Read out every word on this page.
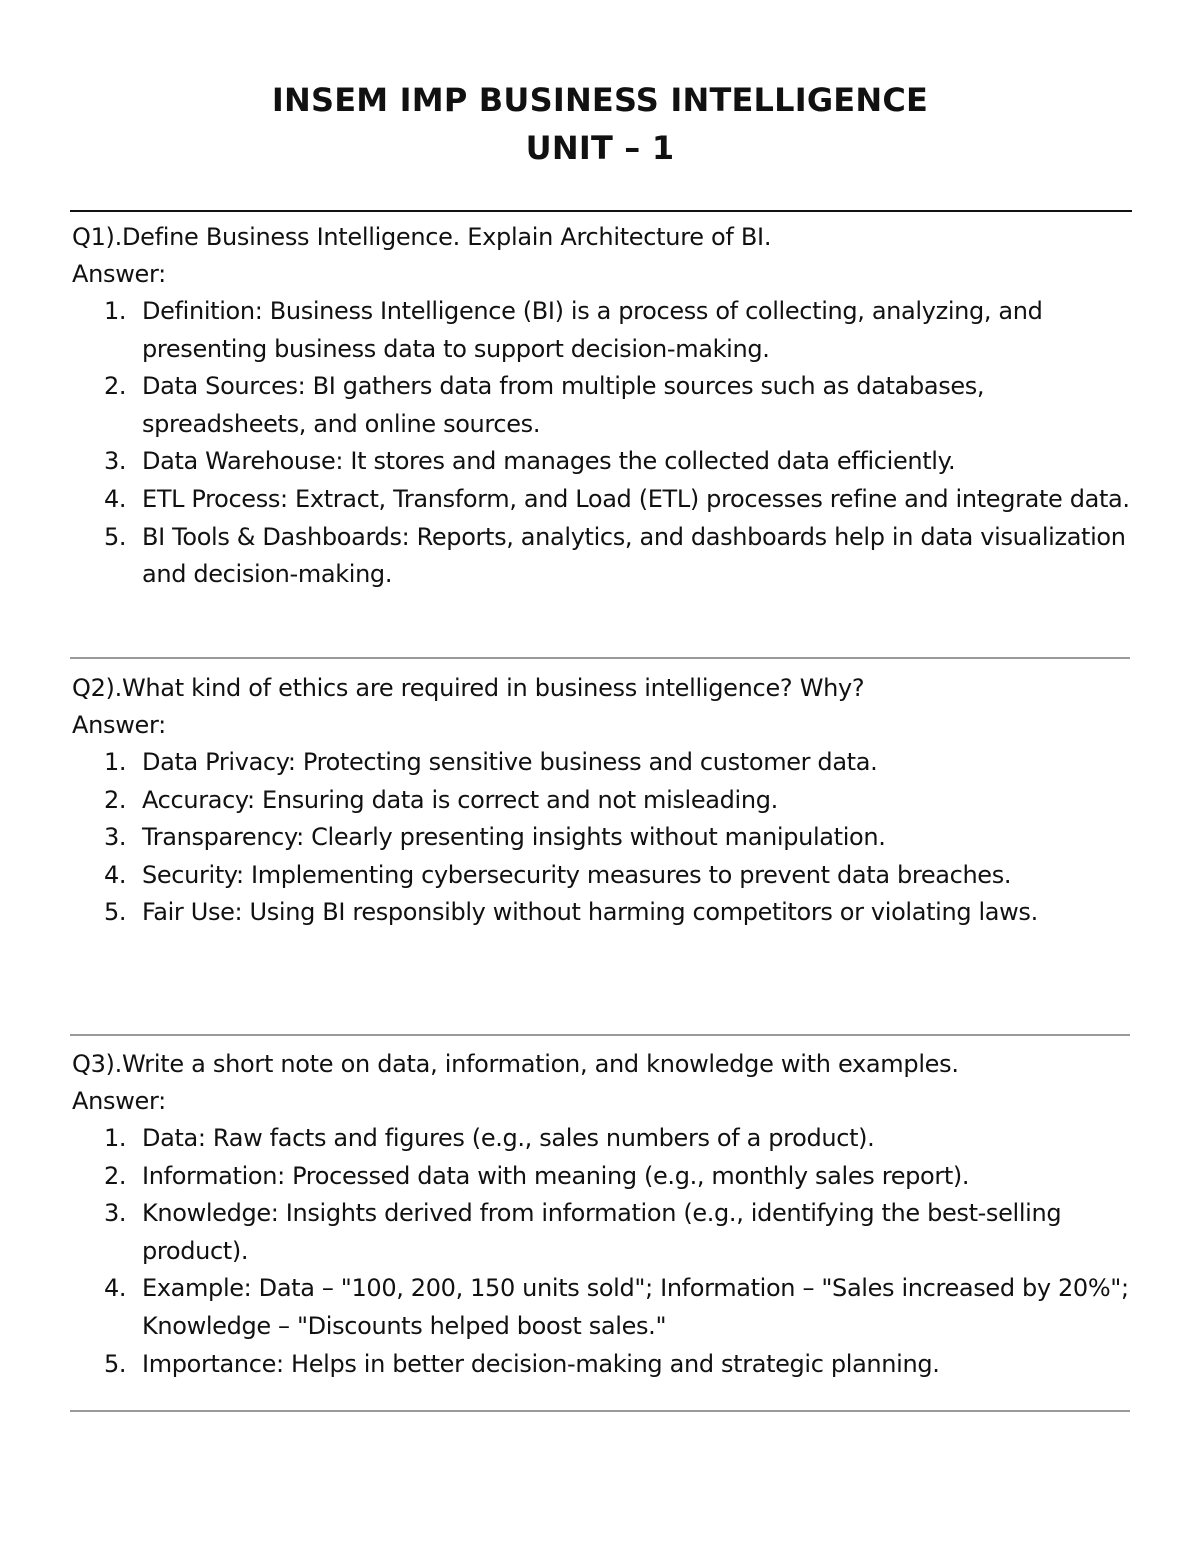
INSEM IMP BUSINESS INTELLIGENCE
UNIT – 1
Q1).Define Business Intelligence. Explain Architecture of BI.
Answer:
1. Definition: Business Intelligence (BI) is a process of collecting, analyzing, and presenting business data to support decision-making.
2. Data Sources: BI gathers data from multiple sources such as databases, spreadsheets, and online sources.
3. Data Warehouse: It stores and manages the collected data efficiently.
4. ETL Process: Extract, Transform, and Load (ETL) processes refine and integrate data.
5. BI Tools & Dashboards: Reports, analytics, and dashboards help in data visualization and decision-making.
Q2).What kind of ethics are required in business intelligence? Why?
Answer:
1. Data Privacy: Protecting sensitive business and customer data.
2. Accuracy: Ensuring data is correct and not misleading.
3. Transparency: Clearly presenting insights without manipulation.
4. Security: Implementing cybersecurity measures to prevent data breaches.
5. Fair Use: Using BI responsibly without harming competitors or violating laws.
Q3).Write a short note on data, information, and knowledge with examples.
Answer:
1. Data: Raw facts and figures (e.g., sales numbers of a product).
2. Information: Processed data with meaning (e.g., monthly sales report).
3. Knowledge: Insights derived from information (e.g., identifying the best-selling product).
4. Example: Data – "100, 200, 150 units sold"; Information – "Sales increased by 20%"; Knowledge – "Discounts helped boost sales."
5. Importance: Helps in better decision-making and strategic planning.
